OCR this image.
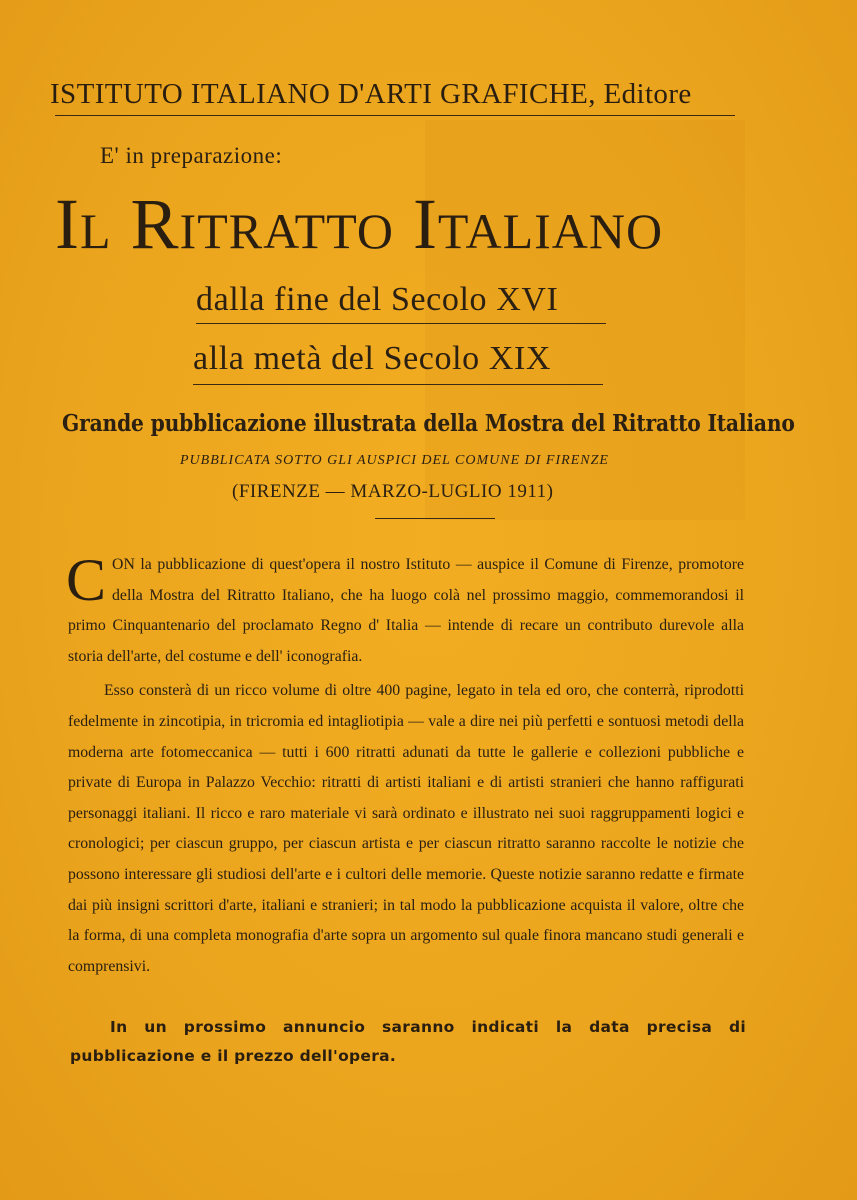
ISTITUTO ITALIANO D'ARTI GRAFICHE, Editore
E' in preparazione:
Il Ritratto Italiano
dalla fine del Secolo XVI
alla metà del Secolo XIX
Grande pubblicazione illustrata della Mostra del Ritratto Italiano
PUBBLICATA SOTTO GLI AUSPICI DEL COMUNE DI FIRENZE
(FIRENZE — MARZO-LUGLIO 1911)

C ON la pubblicazione di quest'opera il nostro Istituto — auspice il Comune di Firenze, promotore della Mostra del Ritratto Italiano, che ha luogo colà nel prossimo maggio, commemorandosi il primo Cinquantenario del proclamato Regno d' Italia — intende di recare un contributo durevole alla storia dell'arte, del costume e dell' iconografia.

Esso consterà di un ricco volume di oltre 400 pagine, legato in tela ed oro, che conterrà, riprodotti fedelmente in zincotipia, in tricromia ed intagliotipia — vale a dire nei più perfetti e sontuosi metodi della moderna arte fotomeccanica — tutti i 600 ritratti adunati da tutte le gallerie e collezioni pubbliche e private di Europa in Palazzo Vecchio: ritratti di artisti italiani e di artisti stranieri che hanno raffigurati personaggi italiani. Il ricco e raro materiale vi sarà ordinato e illustrato nei suoi raggruppamenti logici e cronologici; per ciascun gruppo, per ciascun artista e per ciascun ritratto saranno raccolte le notizie che possono interessare gli studiosi dell'arte e i cultori delle memorie. Queste notizie saranno redatte e firmate dai più insigni scrittori d'arte, italiani e stranieri; in tal modo la pubblicazione acquista il valore, oltre che la forma, di una completa monografia d'arte sopra un argomento sul quale finora mancano studi generali e comprensivi.

In un prossimo annuncio saranno indicati la data precisa di pubblicazione e il prezzo dell'opera.
